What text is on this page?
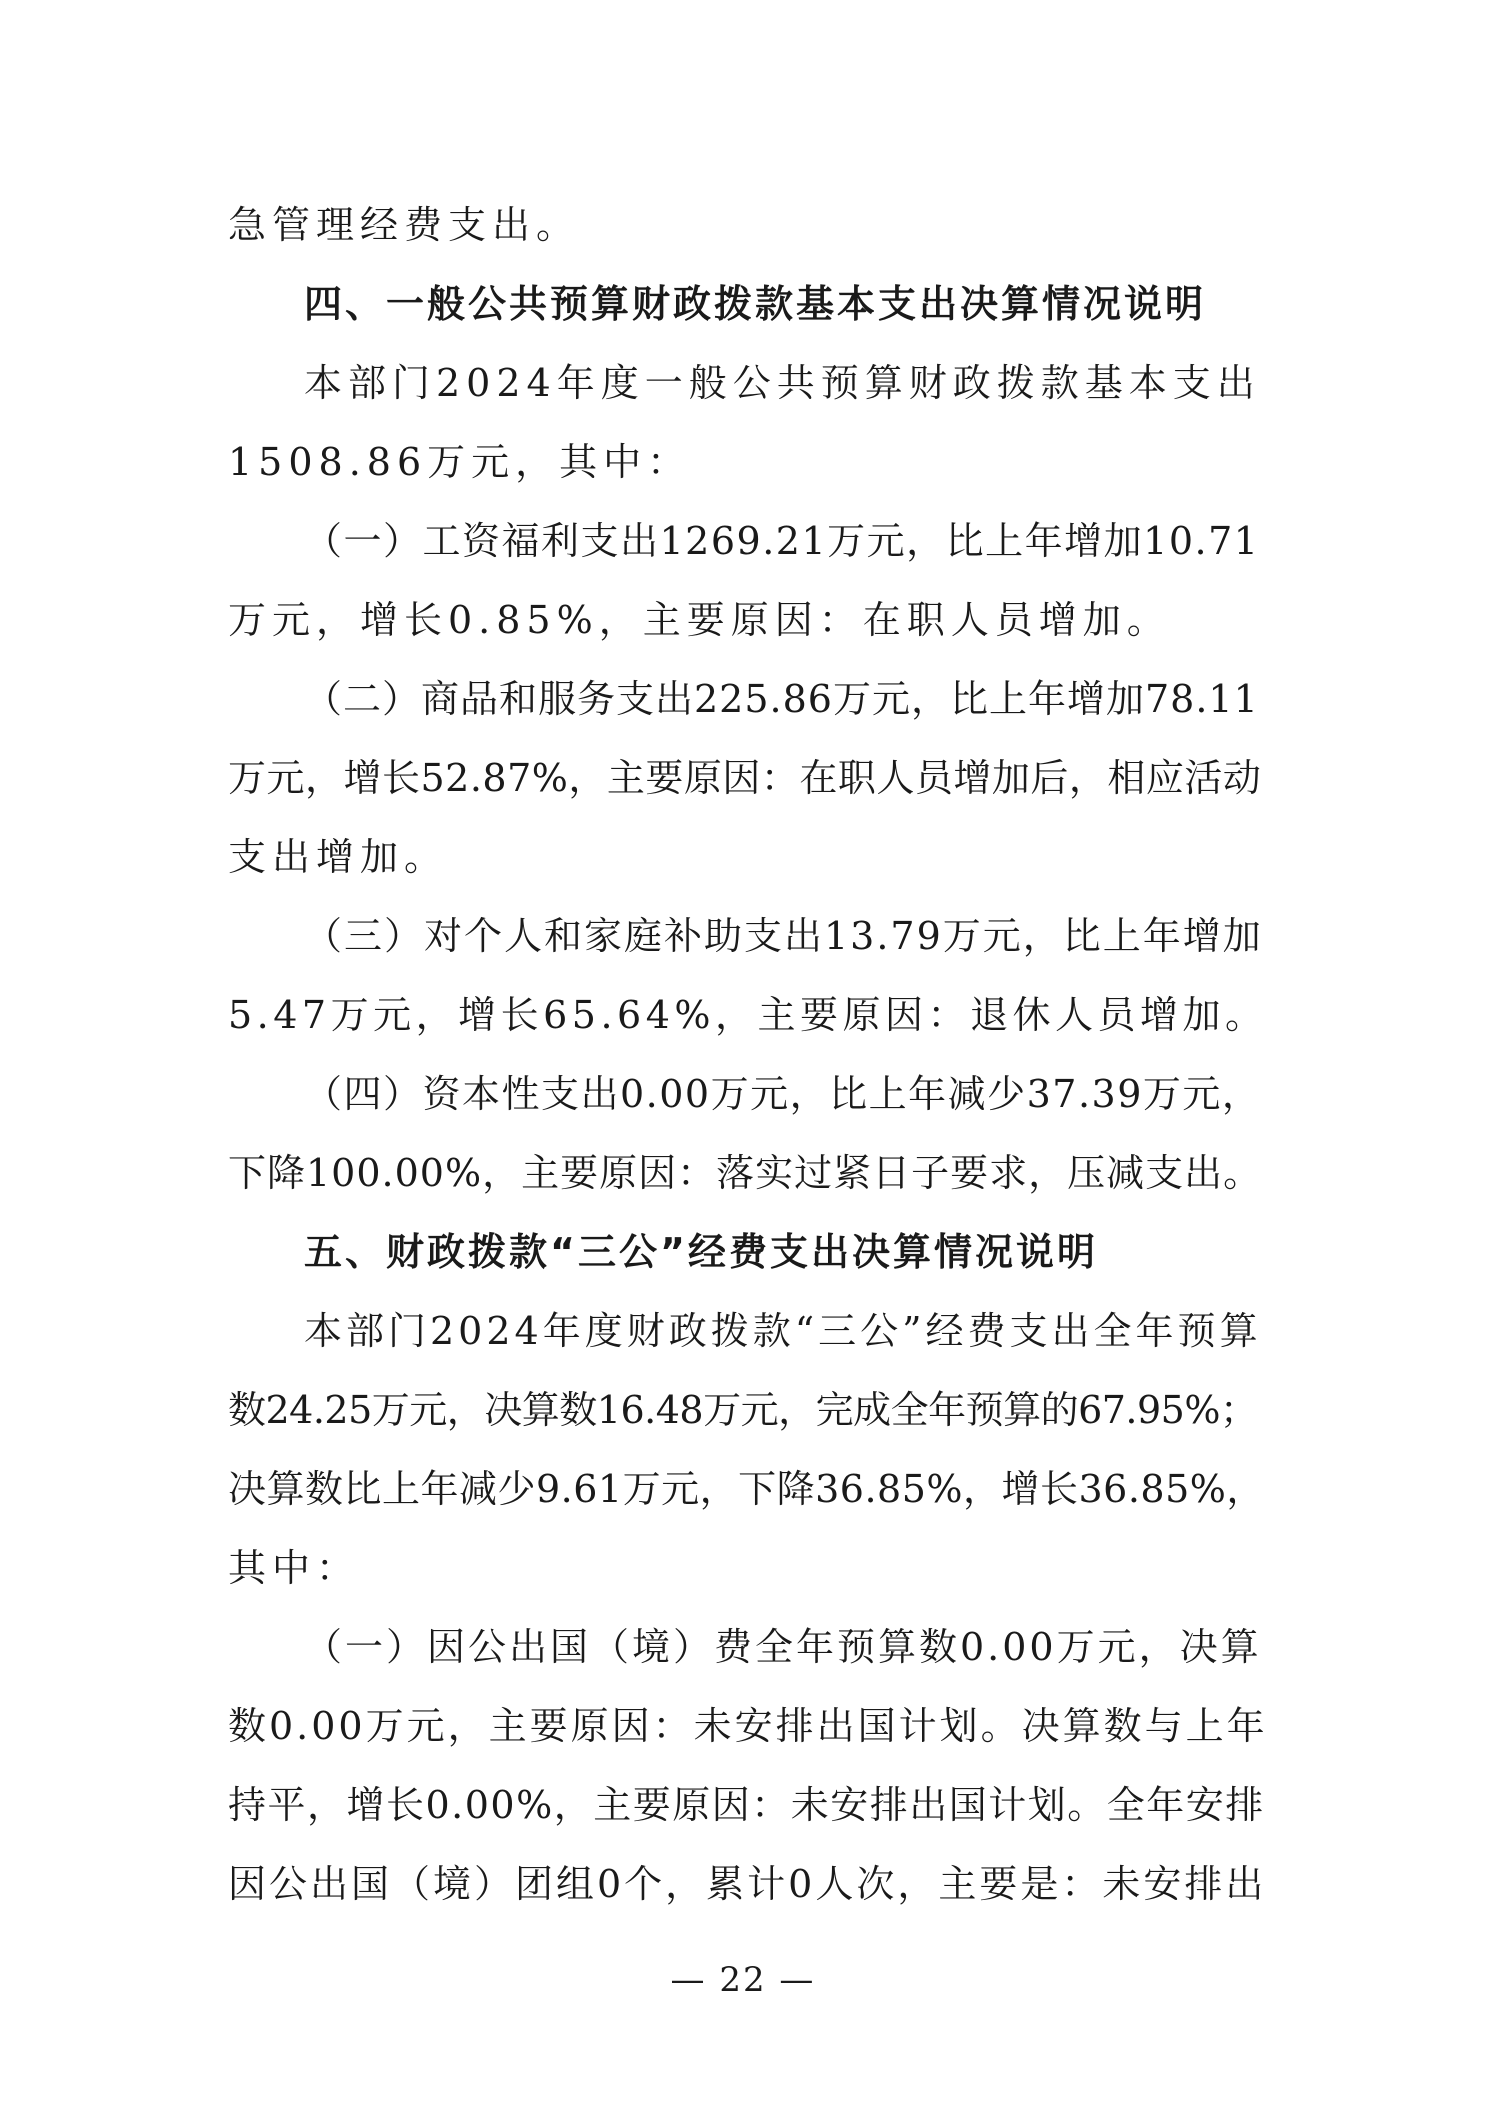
急管理经费支出。
四、一般公共预算财政拨款基本支出决算情况说明
本部门2024年度一般公共预算财政拨款基本支出
1508.86万元，其中：
（一）工资福利支出1269.21万元，比上年增加10.71
万元，增长0.85%，主要原因：在职人员增加。
（二）商品和服务支出225.86万元，比上年增加78.11
万元，增长52.87%，主要原因：在职人员增加后，相应活动
支出增加。
（三）对个人和家庭补助支出13.79万元，比上年增加
5.47万元，增长65.64%，主要原因：退休人员增加。
（四）资本性支出0.00万元，比上年减少37.39万元，
下降100.00%，主要原因：落实过紧日子要求，压减支出。
五、财政拨款“三公”经费支出决算情况说明
本部门2024年度财政拨款“三公”经费支出全年预算
数24.25万元，决算数16.48万元，完成全年预算的67.95%；
决算数比上年减少9.61万元，下降36.85%，增长36.85%，
其中：
（一）因公出国（境）费全年预算数0.00万元，决算
数0.00万元，主要原因：未安排出国计划。决算数与上年
持平，增长0.00%，主要原因：未安排出国计划。全年安排
因公出国（境）团组0个，累计0人次，主要是：未安排出
— 22 —
